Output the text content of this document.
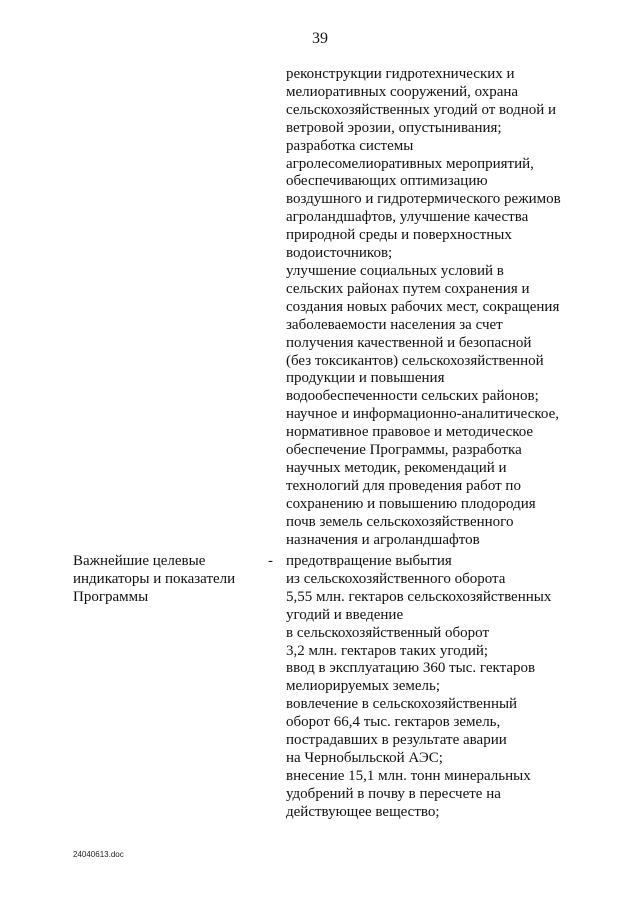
39
реконструкции гидротехнических и
мелиоративных сооружений, охрана
сельскохозяйственных угодий от водной и
ветровой эрозии, опустынивания;
разработка системы
агролесомелиоративных мероприятий,
обеспечивающих оптимизацию
воздушного и гидротермического режимов
агроландшафтов, улучшение качества
природной среды и поверхностных
водоисточников;
улучшение социальных условий в
сельских районах путем сохранения и
создания новых рабочих мест, сокращения
заболеваемости населения за счет
получения качественной и безопасной
(без токсикантов) сельскохозяйственной
продукции и повышения
водообеспеченности сельских районов;
научное и информационно-аналитическое,
нормативное правовое и методическое
обеспечение Программы, разработка
научных методик, рекомендаций и
технологий для проведения работ по
сохранению и повышению плодородия
почв земель сельскохозяйственного
назначения и агроландшафтов
Важнейшие целевые
индикаторы и показатели
Программы
- предотвращение выбытия
из сельскохозяйственного оборота
5,55 млн. гектаров сельскохозяйственных
угодий и введение
в сельскохозяйственный оборот
3,2 млн. гектаров таких угодий;
ввод в эксплуатацию 360 тыс. гектаров
мелиорируемых земель;
вовлечение в сельскохозяйственный
оборот 66,4 тыс. гектаров земель,
пострадавших в результате аварии
на Чернобыльской АЭС;
внесение 15,1 млн. тонн минеральных
удобрений в почву в пересчете на
действующее вещество;
24040613.doc
